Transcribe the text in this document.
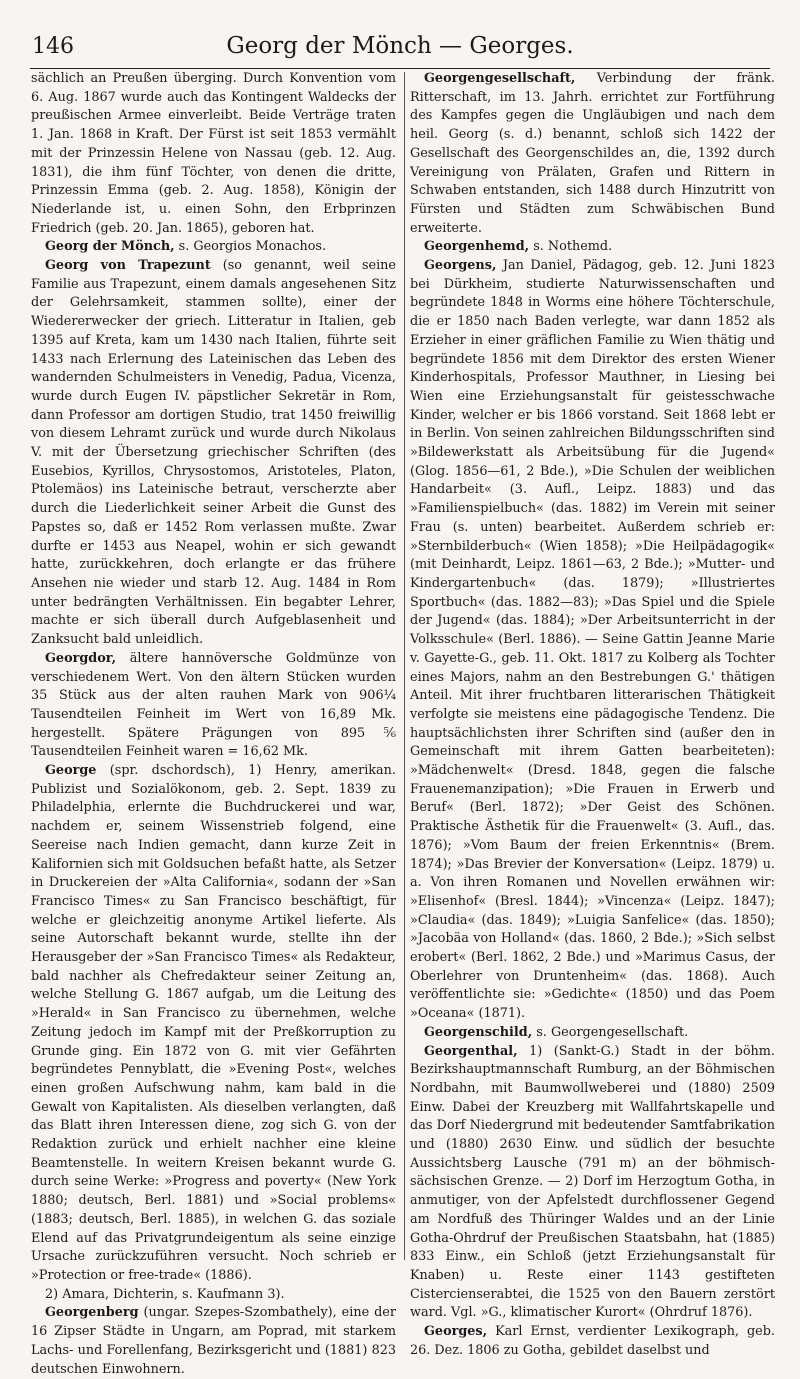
146	Georg der Mönch — Georges.

sächlich an Preußen überging. Durch Konvention vom 6. Aug. 1867 wurde auch das Kontingent Waldecks der preußischen Armee einverleibt. Beide Verträge traten 1. Jan. 1868 in Kraft. Der Fürst ist seit 1853 vermählt mit der Prinzessin Helene von Nassau (geb. 12. Aug. 1831), die ihm fünf Töchter, von denen die dritte, Prinzessin Emma (geb. 2. Aug. 1858), Königin der Niederlande ist, u. einen Sohn, den Erbprinzen Friedrich (geb. 20. Jan. 1865), geboren hat.

Georg der Mönch, s. Georgios Monachos.

Georg von Trapezunt (so genannt, weil seine Familie aus Trapezunt, einem damals angesehenen Sitz der Gelehrsamkeit, stammen sollte), einer der Wiedererwecker der griech. Litteratur in Italien, geb 1395 auf Kreta, kam um 1430 nach Italien, führte seit 1433 nach Erlernung des Lateinischen das Leben des wandernden Schulmeisters in Venedig, Padua, Vicenza, wurde durch Eugen IV. päpstlicher Sekretär in Rom, dann Professor am dortigen Studio, trat 1450 freiwillig von diesem Lehramt zurück und wurde durch Nikolaus V. mit der Übersetzung griechischer Schriften (des Eusebios, Kyrillos, Chrysostomos, Aristoteles, Platon, Ptolemäos) ins Lateinische betraut, verscherzte aber durch die Liederlichkeit seiner Arbeit die Gunst des Papstes so, daß er 1452 Rom verlassen mußte. Zwar durfte er 1453 aus Neapel, wohin er sich gewandt hatte, zurückkehren, doch erlangte er das frühere Ansehen nie wieder und starb 12. Aug. 1484 in Rom unter bedrängten Verhältnissen. Ein begabter Lehrer, machte er sich überall durch Aufgeblasenheit und Zanksucht bald unleidlich.

Georgdor, ältere hannöversche Goldmünze von verschiedenem Wert. Von den ältern Stücken wurden 35 Stück aus der alten rauhen Mark von 906¼ Tausendteilen Feinheit im Wert von 16,89 Mk. hergestellt. Spätere Prägungen von 895⅚ Tausendteilen Feinheit waren = 16,62 Mk.

George (spr. dschordsch), 1) Henry, amerikan. Publizist und Sozialökonom, geb. 2. Sept. 1839 zu Philadelphia, erlernte die Buchdruckerei und war, nachdem er, seinem Wissenstrieb folgend, eine Seereise nach Indien gemacht, dann kurze Zeit in Kalifornien sich mit Goldsuchen befaßt hatte, als Setzer in Druckereien der »Alta California«, sodann der »San Francisco Times« zu San Francisco beschäftigt, für welche er gleichzeitig anonyme Artikel lieferte. Als seine Autorschaft bekannt wurde, stellte ihn der Herausgeber der »San Francisco Times« als Redakteur, bald nachher als Chefredakteur seiner Zeitung an, welche Stellung G. 1867 aufgab, um die Leitung des »Herald« in San Francisco zu übernehmen, welche Zeitung jedoch im Kampf mit der Preßkorruption zu Grunde ging. Ein 1872 von G. mit vier Gefährten begründetes Pennyblatt, die »Evening Post«, welches einen großen Aufschwung nahm, kam bald in die Gewalt von Kapitalisten. Als dieselben verlangten, daß das Blatt ihren Interessen diene, zog sich G. von der Redaktion zurück und erhielt nachher eine kleine Beamtenstelle. In weitern Kreisen bekannt wurde G. durch seine Werke: »Progress and poverty« (New York 1880; deutsch, Berl. 1881) und »Social problems« (1883; deutsch, Berl. 1885), in welchen G. das soziale Elend auf das Privatgrundeigentum als seine einzige Ursache zurückzuführen versucht. Noch schrieb er »Protection or free-trade« (1886).

2) Amara, Dichterin, s. Kaufmann 3).

Georgenberg (ungar. Szepes-Szombathely), eine der 16 Zipser Städte in Ungarn, am Poprad, mit starkem Lachs- und Forellenfang, Bezirksgericht und (1881) 823 deutschen Einwohnern.

Georgengesellschaft, Verbindung der fränk. Ritterschaft, im 13. Jahrh. errichtet zur Fortführung des Kampfes gegen die Ungläubigen und nach dem heil. Georg (s. d.) benannt, schloß sich 1422 der Gesellschaft des Georgenschildes an, die, 1392 durch Vereinigung von Prälaten, Grafen und Rittern in Schwaben entstanden, sich 1488 durch Hinzutritt von Fürsten und Städten zum Schwäbischen Bund erweiterte.

Georgenhemd, s. Nothemd.

Georgens, Jan Daniel, Pädagog, geb. 12. Juni 1823 bei Dürkheim, studierte Naturwissenschaften und begründete 1848 in Worms eine höhere Töchterschule, die er 1850 nach Baden verlegte, war dann 1852 als Erzieher in einer gräflichen Familie zu Wien thätig und begründete 1856 mit dem Direktor des ersten Wiener Kinderhospitals, Professor Mauthner, in Liesing bei Wien eine Erziehungsanstalt für geistesschwache Kinder, welcher er bis 1866 vorstand. Seit 1868 lebt er in Berlin. Von seinen zahlreichen Bildungsschriften sind »Bildewerkstatt als Arbeitsübung für die Jugend« (Glog. 1856—61, 2 Bde.), »Die Schulen der weiblichen Handarbeit« (3. Aufl., Leipz. 1883) und das »Familienspielbuch« (das. 1882) im Verein mit seiner Frau (s. unten) bearbeitet. Außerdem schrieb er: »Sternbilderbuch« (Wien 1858); »Die Heilpädagogik« (mit Deinhardt, Leipz. 1861—63, 2 Bde.); »Mutter- und Kindergartenbuch« (das. 1879); »Illustriertes Sportbuch« (das. 1882—83); »Das Spiel und die Spiele der Jugend« (das. 1884); »Der Arbeitsunterricht in der Volksschule« (Berl. 1886). — Seine Gattin Jeanne Marie v. Gayette-G., geb. 11. Okt. 1817 zu Kolberg als Tochter eines Majors, nahm an den Bestrebungen G.' thätigen Anteil. Mit ihrer fruchtbaren litterarischen Thätigkeit verfolgte sie meistens eine pädagogische Tendenz. Die hauptsächlichsten ihrer Schriften sind (außer den in Gemeinschaft mit ihrem Gatten bearbeiteten): »Mädchenwelt« (Dresd. 1848, gegen die falsche Frauenemanzipation); »Die Frauen in Erwerb und Beruf« (Berl. 1872); »Der Geist des Schönen. Praktische Ästhetik für die Frauenwelt« (3. Aufl., das. 1876); »Vom Baum der freien Erkenntnis« (Brem. 1874); »Das Brevier der Konversation« (Leipz. 1879) u. a. Von ihren Romanen und Novellen erwähnen wir: »Elisenhof« (Bresl. 1844); »Vincenza« (Leipz. 1847); »Claudia« (das. 1849); »Luigia Sanfelice« (das. 1850); »Jacobäa von Holland« (das. 1860, 2 Bde.); »Sich selbst erobert« (Berl. 1862, 2 Bde.) und »Marimus Casus, der Oberlehrer von Druntenheim« (das. 1868). Auch veröffentlichte sie: »Gedichte« (1850) und das Poem »Oceana« (1871).

Georgenschild, s. Georgengesellschaft.

Georgenthal, 1) (Sankt-G.) Stadt in der böhm. Bezirkshauptmannschaft Rumburg, an der Böhmischen Nordbahn, mit Baumwollweberei und (1880) 2509 Einw. Dabei der Kreuzberg mit Wallfahrtskapelle und das Dorf Niedergrund mit bedeutender Samtfabrikation und (1880) 2630 Einw. und südlich der besuchte Aussichtsberg Lausche (791 m) an der böhmisch-sächsischen Grenze. — 2) Dorf im Herzogtum Gotha, in anmutiger, von der Apfelstedt durchflossener Gegend am Nordfuß des Thüringer Waldes und an der Linie Gotha-Ohrdruf der Preußischen Staatsbahn, hat (1885) 833 Einw., ein Schloß (jetzt Erziehungsanstalt für Knaben) u. Reste einer 1143 gestifteten Cistercienserabtei, die 1525 von den Bauern zerstört ward. Vgl. »G., klimatischer Kurort« (Ohrdruf 1876).

Georges, Karl Ernst, verdienter Lexikograph, geb. 26. Dez. 1806 zu Gotha, gebildet daselbst und
